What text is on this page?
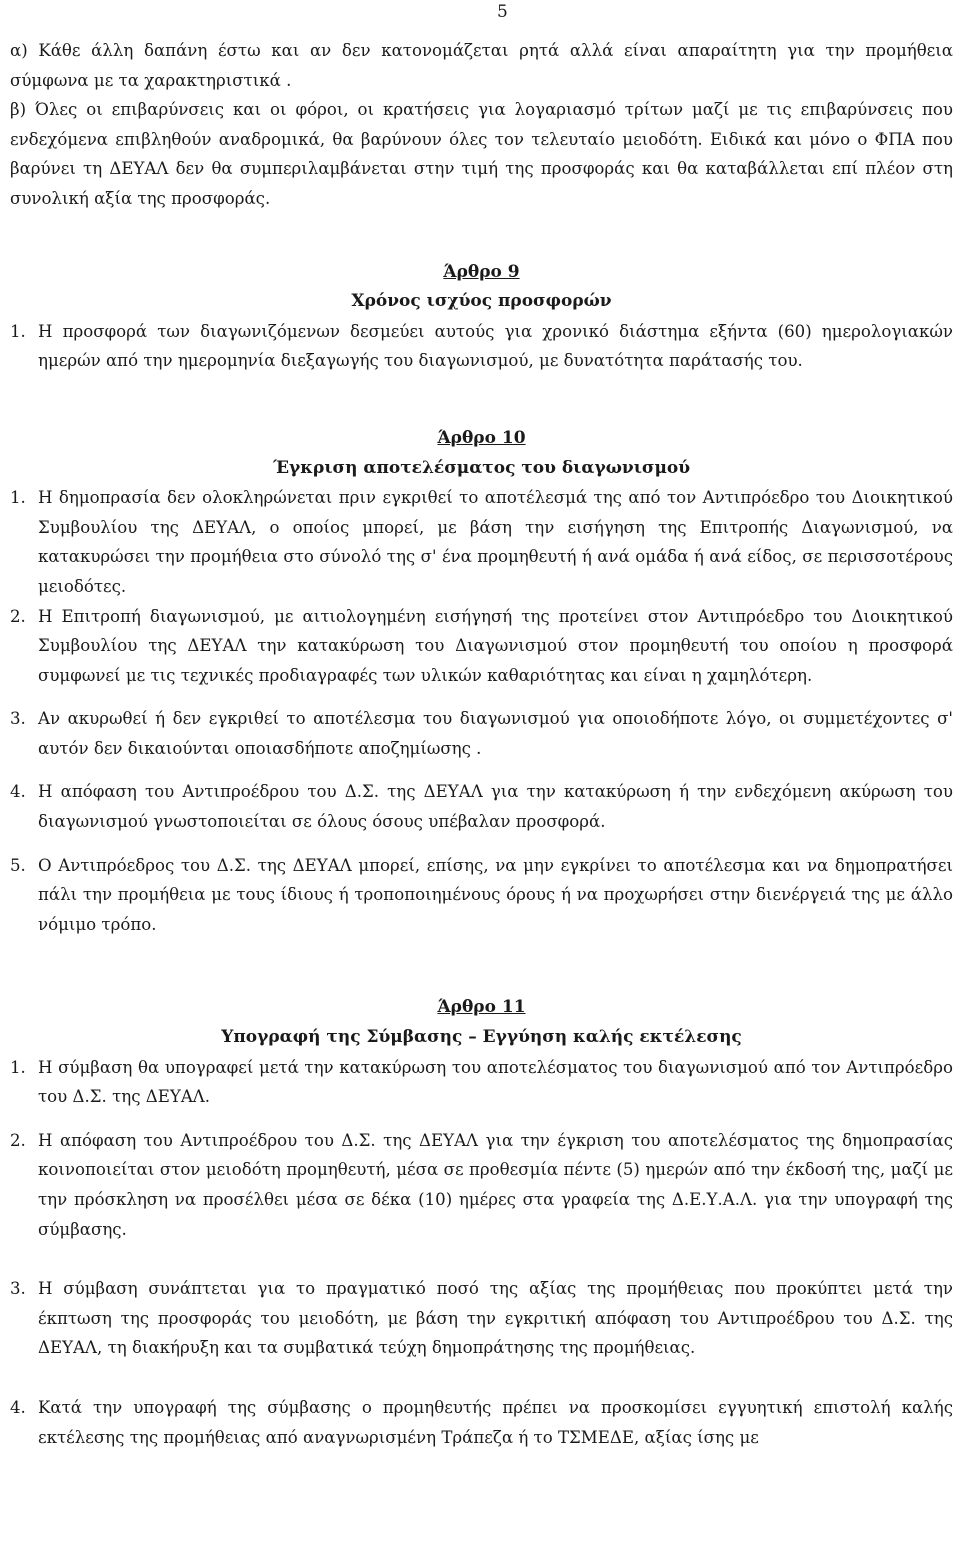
5

α) Κάθε άλλη δαπάνη έστω και αν δεν κατονομάζεται ρητά αλλά είναι απαραίτητη για την προμήθεια σύμφωνα με τα χαρακτηριστικά .

β) Όλες οι επιβαρύνσεις και οι φόροι, οι κρατήσεις για λογαριασμό τρίτων μαζί με τις επιβαρύνσεις που ενδεχόμενα επιβληθούν αναδρομικά, θα βαρύνουν όλες τον τελευταίο μειοδότη. Ειδικά και μόνο ο ΦΠΑ που βαρύνει τη ΔΕΥΑΛ δεν θα συμπεριλαμβάνεται στην τιμή της προσφοράς και θα καταβάλλεται επί πλέον στη συνολική αξία της προσφοράς.

Άρθρο 9

Χρόνος ισχύος προσφορών

1. Η προσφορά των διαγωνιζόμενων δεσμεύει αυτούς για χρονικό διάστημα εξήντα (60) ημερολογιακών ημερών από την ημερομηνία διεξαγωγής του διαγωνισμού, με δυνατότητα παράτασής του.

Άρθρο 10

Έγκριση αποτελέσματος του διαγωνισμού

1. Η δημοπρασία δεν ολοκληρώνεται πριν εγκριθεί το αποτέλεσμά της από τον Αντιπρόεδρο του Διοικητικού Συμβουλίου της ΔΕΥΑΛ, ο οποίος μπορεί, με βάση την εισήγηση της Επιτροπής Διαγωνισμού, να κατακυρώσει την προμήθεια στο σύνολό της σ' ένα προμηθευτή ή ανά ομάδα ή ανά είδος, σε περισσοτέρους μειοδότες.
2. Η Επιτροπή διαγωνισμού, με αιτιολογημένη εισήγησή της προτείνει στον Αντιπρόεδρο του Διοικητικού Συμβουλίου της ΔΕΥΑΛ την κατακύρωση του Διαγωνισμού στον προμηθευτή του οποίου η προσφορά συμφωνεί με τις τεχνικές προδιαγραφές των υλικών καθαριότητας και είναι η χαμηλότερη.
3. Αν ακυρωθεί ή δεν εγκριθεί το αποτέλεσμα του διαγωνισμού για οποιοδήποτε λόγο, οι συμμετέχοντες σ' αυτόν δεν δικαιούνται οποιασδήποτε αποζημίωσης .
4. Η απόφαση του Αντιπροέδρου του Δ.Σ. της ΔΕΥΑΛ για την κατακύρωση ή την ενδεχόμενη ακύρωση του διαγωνισμού γνωστοποιείται σε όλους όσους υπέβαλαν προσφορά.
5. Ο Αντιπρόεδρος του Δ.Σ. της ΔΕΥΑΛ μπορεί, επίσης, να μην εγκρίνει το αποτέλεσμα και να δημοπρατήσει πάλι την προμήθεια με τους ίδιους ή τροποποιημένους όρους ή να προχωρήσει στην διενέργειά της με άλλο νόμιμο τρόπο.

Άρθρο 11

Υπογραφή της Σύμβασης – Εγγύηση καλής εκτέλεσης

1. Η σύμβαση θα υπογραφεί μετά την κατακύρωση του αποτελέσματος του διαγωνισμού από τον Αντιπρόεδρο του Δ.Σ. της ΔΕΥΑΛ.
2. Η απόφαση του Αντιπροέδρου του Δ.Σ. της ΔΕΥΑΛ για την έγκριση του αποτελέσματος της δημοπρασίας κοινοποιείται στον μειοδότη προμηθευτή, μέσα σε προθεσμία πέντε (5) ημερών από την έκδοσή της, μαζί με την πρόσκληση να προσέλθει μέσα σε δέκα (10) ημέρες στα γραφεία της Δ.Ε.Υ.Α.Λ. για την υπογραφή της σύμβασης.
3. Η σύμβαση συνάπτεται για το πραγματικό ποσό της αξίας της προμήθειας που προκύπτει μετά την έκπτωση της προσφοράς του μειοδότη, με βάση την εγκριτική απόφαση του Αντιπροέδρου του Δ.Σ. της ΔΕΥΑΛ, τη διακήρυξη και τα συμβατικά τεύχη δημοπράτησης της προμήθειας.
4. Κατά την υπογραφή της σύμβασης ο προμηθευτής πρέπει να προσκομίσει εγγυητική επιστολή καλής εκτέλεσης της προμήθειας από αναγνωρισμένη Τράπεζα ή το ΤΣΜΕΔΕ, αξίας ίσης με
